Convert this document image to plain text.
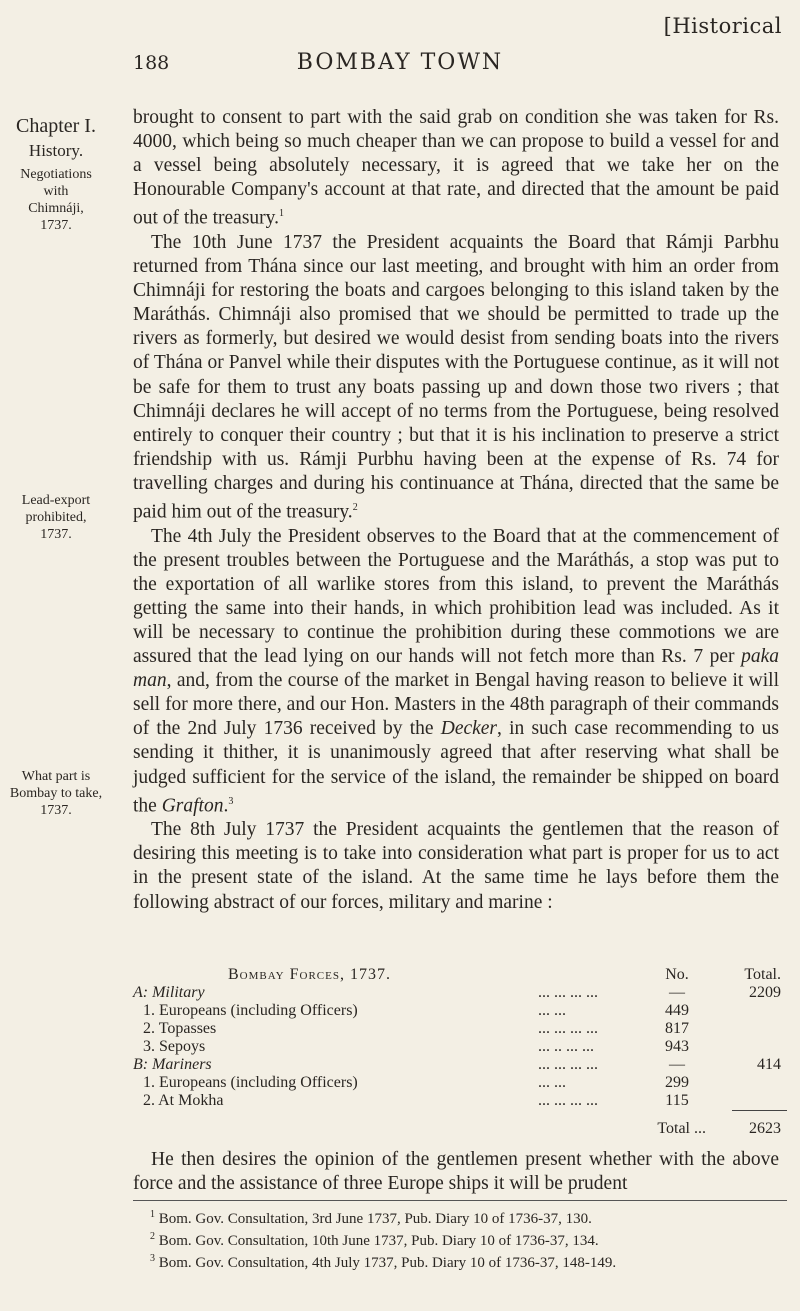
[Historical
188	BOMBAY TOWN
Chapter I.
History.
Negotiations
with
Chimnáji,
1737.
Lead-export
prohibited,
1737.
What part is
Bombay to take,
1737.

brought to consent to part with the said grab on condition she was taken for Rs. 4000, which being so much cheaper than we can propose to build a vessel for and a vessel being absolutely necessary, it is agreed that we take her on the Honourable Company's account at that rate, and directed that the amount be paid out of the treasury.$^1$

The 10th June 1737 the President acquaints the Board that Rámji Parbhu returned from Thána since our last meeting, and brought with him an order from Chimnáji for restoring the boats and cargoes belonging to this island taken by the Maráthás. Chimnáji also promised that we should be permitted to trade up the rivers as formerly, but desired we would desist from sending boats into the rivers of Thána or Panvel while their disputes with the Portuguese continue, as it will not be safe for them to trust any boats passing up and down those two rivers ; that Chimnáji declares he will accept of no terms from the Portuguese, being resolved entirely to conquer their country ; but that it is his inclination to preserve a strict friendship with us. Rámji Purbhu having been at the expense of Rs. 74 for travelling charges and during his continuance at Thána, directed that the same be paid him out of the treasury.$^2$

The 4th July the President observes to the Board that at the commencement of the present troubles between the Portuguese and the Maráthás, a stop was put to the exportation of all warlike stores from this island, to prevent the Maráthás getting the same into their hands, in which prohibition lead was included. As it will be necessary to continue the prohibition during these commotions we are assured that the lead lying on our hands will not fetch more than Rs. 7 per paka man, and, from the course of the market in Bengal having reason to believe it will sell for more there, and our Hon. Masters in the 48th paragraph of their commands of the 2nd July 1736 received by the Decker, in such case recommending to us sending it thither, it is unanimously agreed that after reserving what shall be judged sufficient for the service of the island, the remainder be shipped on board the Grafton.$^3$

The 8th July 1737 the President acquaints the gentlemen that the reason of desiring this meeting is to take into consideration what part is proper for us to act in the present state of the island. At the same time he lays before them the following abstract of our forces, military and marine :

Bombay Forces, 1737.		No.	Total.
A: Military	... ... ... ...	—	2209
1. Europeans (including Officers)	... ...	449	
2. Topasses	... ... ... ...	817	
3. Sepoys	... .. ... ...	943	
B: Mariners	... ... ... ...	—	414
1. Europeans (including Officers)	... ...	299	
2. At Mokha	... ... ... ...	115	

		Total ...	2623

He then desires the opinion of the gentlemen present whether with the above force and the assistance of three Europe ships it will be prudent

$^1$ Bom. Gov. Consultation, 3rd June 1737, Pub. Diary 10 of 1736-37, 130.

$^2$ Bom. Gov. Consultation, 10th June 1737, Pub. Diary 10 of 1736-37, 134.

$^3$ Bom. Gov. Consultation, 4th July 1737, Pub. Diary 10 of 1736-37, 148-149.
